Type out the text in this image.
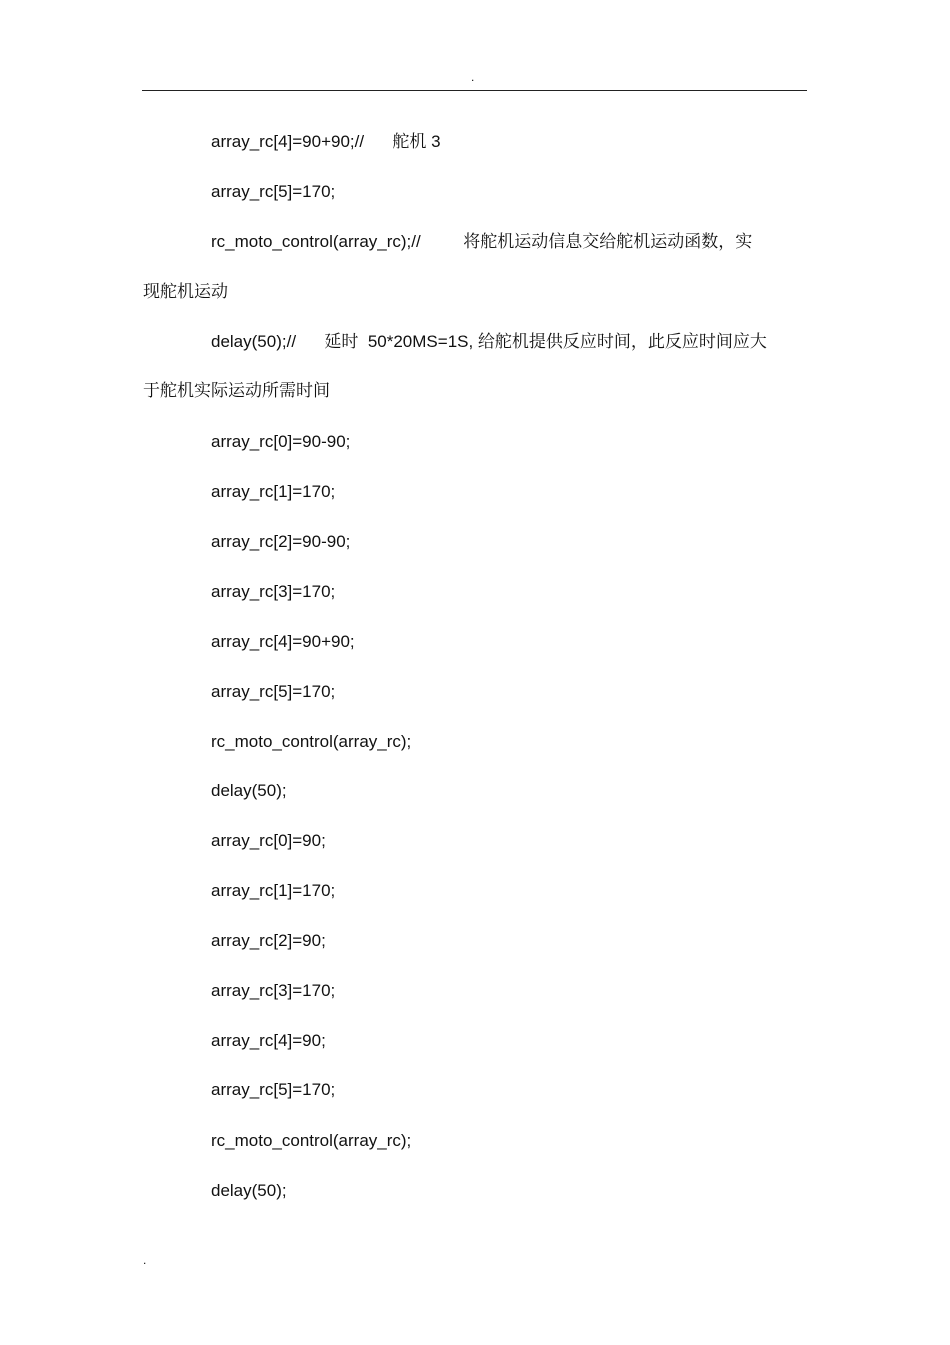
.
array_rc[4]=90+90;//      舵机 3
array_rc[5]=170;
rc_moto_control(array_rc);//         将舵机运动信息交给舵机运动函数，实
现舵机运动
delay(50);//      延时  50*20MS=1S, 给舵机提供反应时间，此反应时间应大
于舵机实际运动所需时间
array_rc[0]=90-90;
array_rc[1]=170;
array_rc[2]=90-90;
array_rc[3]=170;
array_rc[4]=90+90;
array_rc[5]=170;
rc_moto_control(array_rc);
delay(50);
array_rc[0]=90;
array_rc[1]=170;
array_rc[2]=90;
array_rc[3]=170;
array_rc[4]=90;
array_rc[5]=170;
rc_moto_control(array_rc);
delay(50);
.
